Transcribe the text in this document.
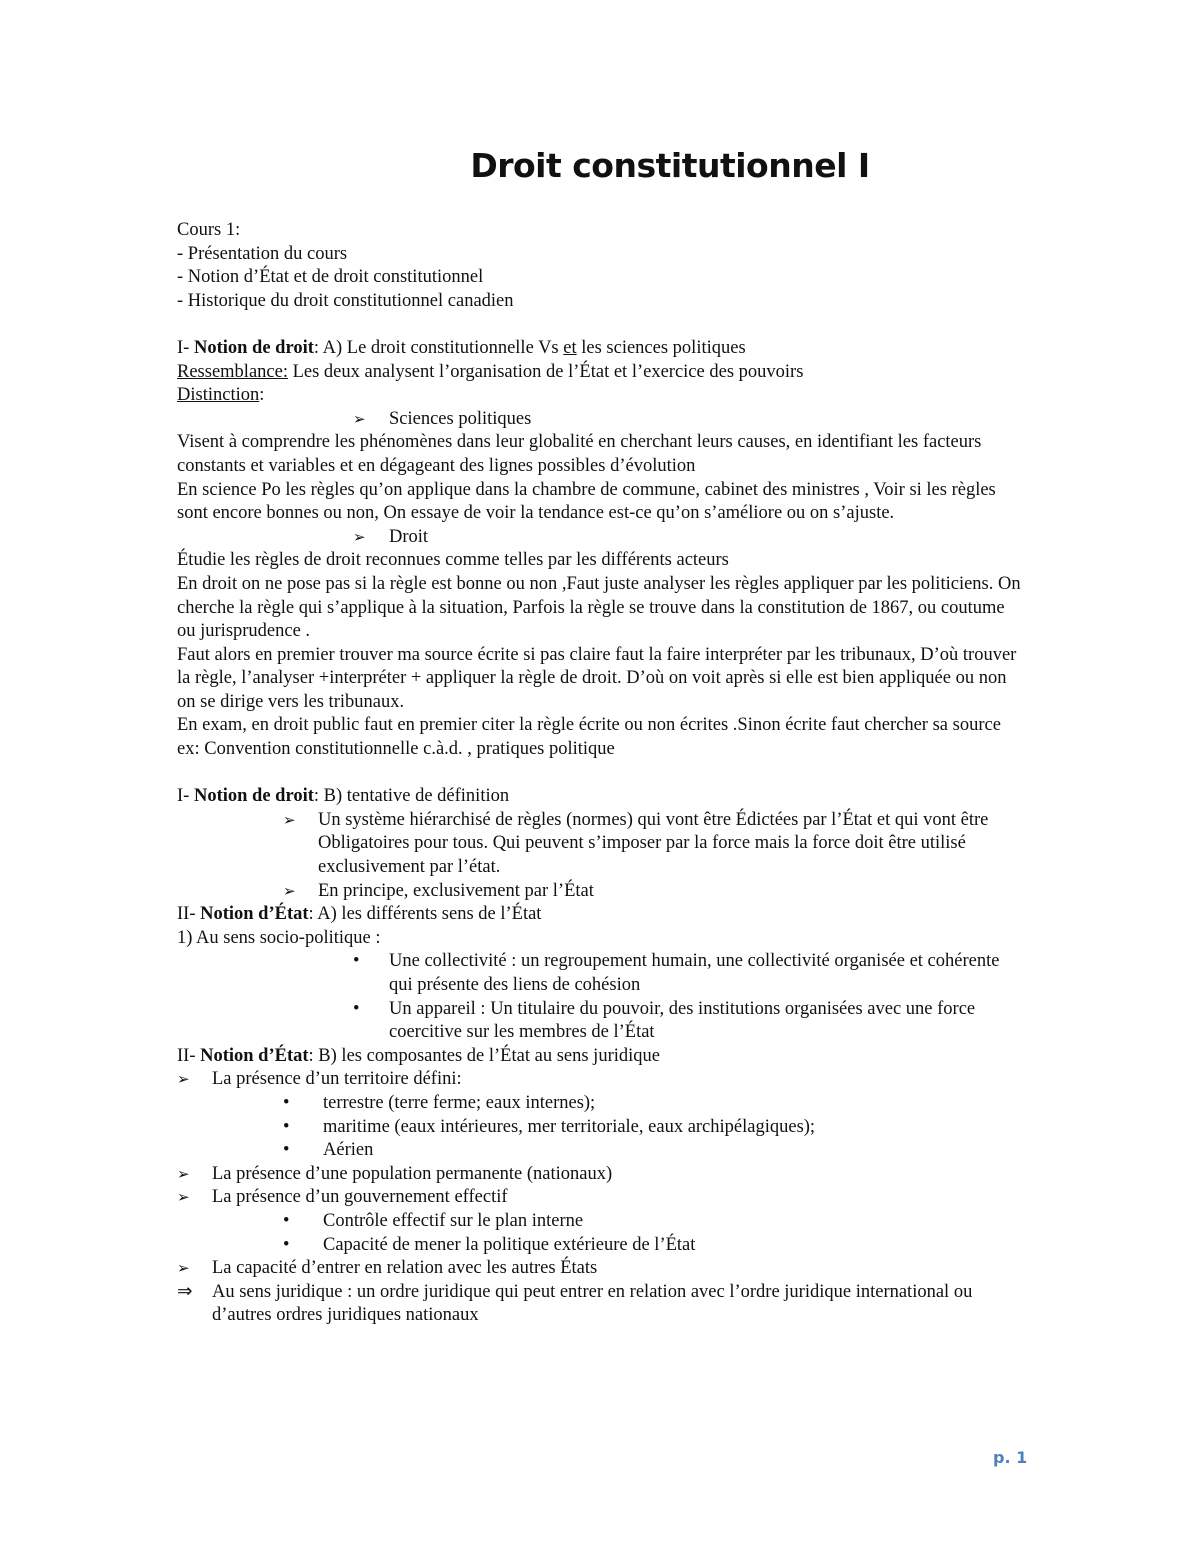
Droit constitutionnel I

Cours 1:

- Présentation du cours

- Notion d’État et de droit constitutionnel

- Historique du droit constitutionnel canadien

I- Notion de droit: A) Le droit constitutionnelle Vs et les sciences politiques

Ressemblance: Les deux analysent l’organisation de l’État et l’exercice des pouvoirs

Distinction:

➢ Sciences politiques

Visent à comprendre les phénomènes dans leur globalité en cherchant leurs causes, en identifiant les facteurs constants et variables et en dégageant des lignes possibles d’évolution

En science Po les règles qu’on applique dans la chambre de commune, cabinet des ministres , Voir si les règles sont encore bonnes ou non, On essaye de voir la tendance est-ce qu’on s’améliore ou on s’ajuste.

➢ Droit

Étudie les règles de droit reconnues comme telles par les différents acteurs

En droit on ne pose pas si la règle est bonne ou non ,Faut juste analyser les règles appliquer par les politiciens. On cherche la règle qui s’applique à la situation, Parfois la règle se trouve dans la constitution de 1867, ou coutume ou jurisprudence .

Faut alors en premier trouver ma source écrite si pas claire faut la faire interpréter par les tribunaux, D’où trouver la règle, l’analyser +interpréter + appliquer la règle de droit. D’où on voit après si elle est bien appliquée ou non on se dirige vers les tribunaux.

En exam, en droit public faut en premier citer la règle écrite ou non écrites .Sinon écrite faut chercher sa source ex: Convention constitutionnelle c.à.d. , pratiques politique

I- Notion de droit: B) tentative de définition

➢ Un système hiérarchisé de règles (normes) qui vont être Édictées par l’État et qui vont être Obligatoires pour tous. Qui peuvent s’imposer par la force mais la force doit être utilisé exclusivement par l’état.

➢ En principe, exclusivement par l’État

II- Notion d’État: A) les différents sens de l’État

1) Au sens socio-politique :

• Une collectivité : un regroupement humain, une collectivité organisée et cohérente qui présente des liens de cohésion

• Un appareil : Un titulaire du pouvoir, des institutions organisées avec une force coercitive sur les membres de l’État

II- Notion d’État: B) les composantes de l’État au sens juridique

➢ La présence d’un territoire défini:

• terrestre (terre ferme; eaux internes);

• maritime (eaux intérieures, mer territoriale, eaux archipélagiques);

• Aérien

➢ La présence d’une population permanente (nationaux)

➢ La présence d’un gouvernement effectif

• Contrôle effectif sur le plan interne

• Capacité de mener la politique extérieure de l’État

➢ La capacité d’entrer en relation avec les autres États

⇒ Au sens juridique : un ordre juridique qui peut entrer en relation avec l’ordre juridique international ou d’autres ordres juridiques nationaux

p. 1
